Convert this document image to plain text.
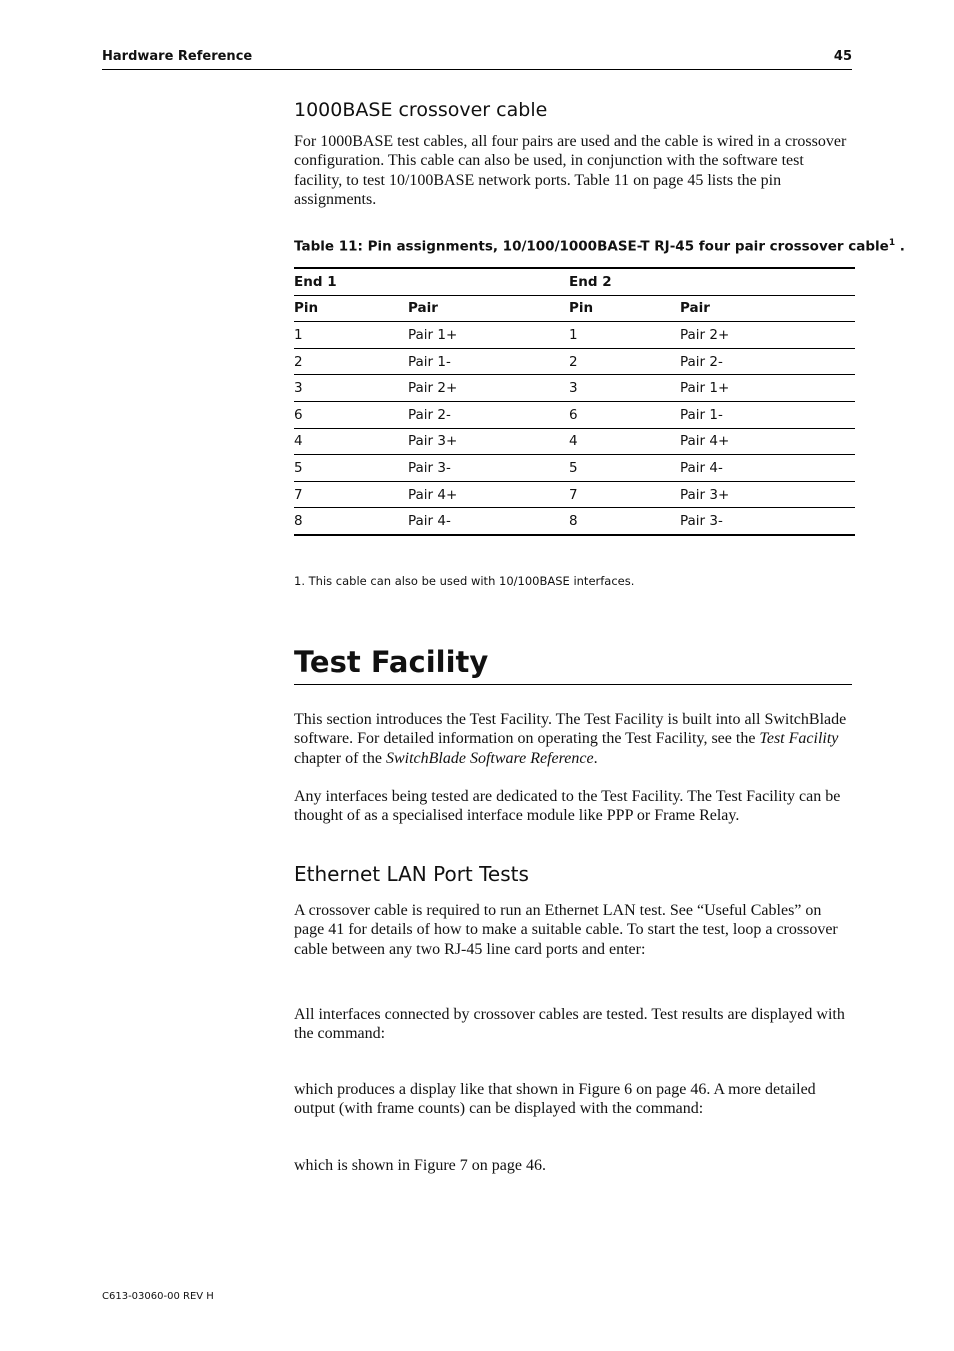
Hardware Reference	45
1000BASE crossover cable
For 1000BASE test cables, all four pairs are used and the cable is wired in a crossover configuration. This cable can also be used, in conjunction with the software test facility, to test 10/100BASE network ports. Table 11 on page 45 lists the pin assignments.
Table 11: Pin assignments, 10/100/1000BASE-T RJ-45 four pair crossover cable$^1$ .
End 1		End 2	
Pin	Pair	Pin	Pair
1	Pair 1+	1	Pair 2+
2	Pair 1-	2	Pair 2-
3	Pair 2+	3	Pair 1+
6	Pair 2-	6	Pair 1-
4	Pair 3+	4	Pair 4+
5	Pair 3-	5	Pair 4-
7	Pair 4+	7	Pair 3+
8	Pair 4-	8	Pair 3-
1. This cable can also be used with 10/100BASE interfaces.
Test Facility
This section introduces the Test Facility. The Test Facility is built into all SwitchBlade software. For detailed information on operating the Test Facility, see the Test Facility chapter of the SwitchBlade Software Reference.
Any interfaces being tested are dedicated to the Test Facility. The Test Facility can be thought of as a specialised interface module like PPP or Frame Relay.
Ethernet LAN Port Tests
A crossover cable is required to run an Ethernet LAN test. See “Useful Cables” on page 41 for details of how to make a suitable cable. To start the test, loop a crossover cable between any two RJ-45 line card ports and enter:
All interfaces connected by crossover cables are tested. Test results are displayed with the command:
which produces a display like that shown in Figure 6 on page 46. A more detailed output (with frame counts) can be displayed with the command:
which is shown in Figure 7 on page 46.
C613-03060-00 REV H
